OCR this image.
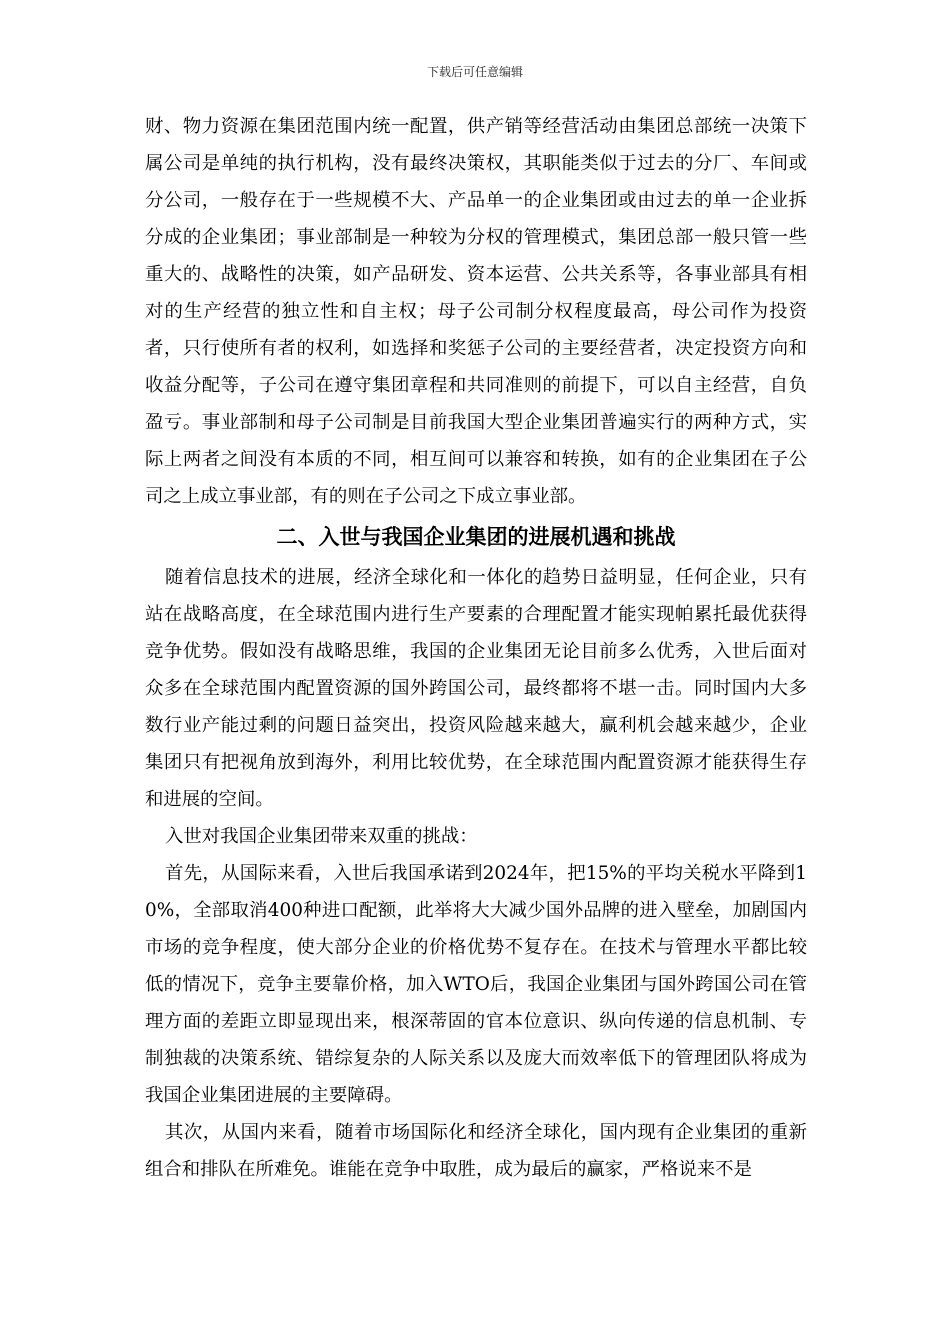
下载后可任意编辑

财、物力资源在集团范围内统一配置，供产销等经营活动由集团总部统一决策下属公司是单纯的执行机构，没有最终决策权，其职能类似于过去的分厂、车间或分公司，一般存在于一些规模不大、产品单一的企业集团或由过去的单一企业拆分成的企业集团；事业部制是一种较为分权的管理模式，集团总部一般只管一些重大的、战略性的决策，如产品研发、资本运营、公共关系等，各事业部具有相对的生产经营的独立性和自主权；母子公司制分权程度最高，母公司作为投资者，只行使所有者的权利，如选择和奖惩子公司的主要经营者，决定投资方向和收益分配等，子公司在遵守集团章程和共同准则的前提下，可以自主经营，自负盈亏。事业部制和母子公司制是目前我国大型企业集团普遍实行的两种方式，实际上两者之间没有本质的不同，相互间可以兼容和转换，如有的企业集团在子公司之上成立事业部，有的则在子公司之下成立事业部。

二、入世与我国企业集团的进展机遇和挑战

随着信息技术的进展，经济全球化和一体化的趋势日益明显，任何企业，只有站在战略高度，在全球范围内进行生产要素的合理配置才能实现帕累托最优获得竞争优势。假如没有战略思维，我国的企业集团无论目前多么优秀，入世后面对众多在全球范围内配置资源的国外跨国公司，最终都将不堪一击。同时国内大多数行业产能过剩的问题日益突出，投资风险越来越大，赢利机会越来越少，企业集团只有把视角放到海外，利用比较优势，在全球范围内配置资源才能获得生存和进展的空间。

入世对我国企业集团带来双重的挑战：

首先，从国际来看，入世后我国承诺到2024年，把15%的平均关税水平降到10%，全部取消400种进口配额，此举将大大减少国外品牌的进入壁垒，加剧国内市场的竞争程度，使大部分企业的价格优势不复存在。在技术与管理水平都比较低的情况下，竞争主要靠价格，加入WTO后，我国企业集团与国外跨国公司在管理方面的差距立即显现出来，根深蒂固的官本位意识、纵向传递的信息机制、专制独裁的决策系统、错综复杂的人际关系以及庞大而效率低下的管理团队将成为我国企业集团进展的主要障碍。

其次，从国内来看，随着市场国际化和经济全球化，国内现有企业集团的重新组合和排队在所难免。谁能在竞争中取胜，成为最后的赢家，严格说来不是
